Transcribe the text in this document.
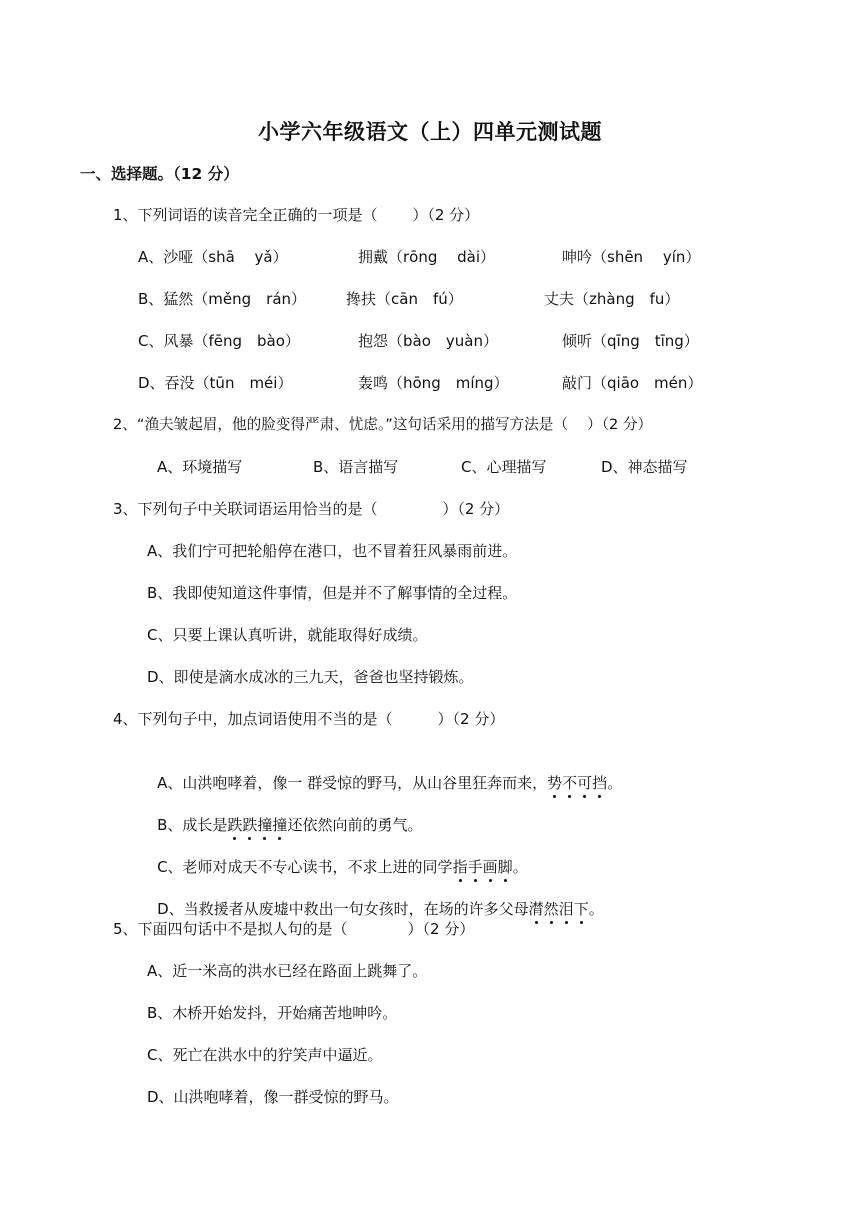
小学六年级语文（上）四单元测试题
一、选择题。（12 分）
1、下列词语的读音完全正确的一项是（　　 ）（2 分）
A、沙哑（shā　 yǎ）	拥戴（rōng　 dài）	呻吟（shēn　 yín）
B、猛然（měng　rán）	搀扶（cān　fú）	丈夫（zhàng　fu）
C、风暴（fēng　bào）	抱怨（bào　yuàn）	倾听（qīng　tīng）
D、吞没（tūn　méi）	轰鸣（hōng　míng）	敲门（qiāo　mén）
2、“渔夫皱起眉，他的脸变得严肃、忧虑。”这句话采用的描写方法是（　 ）（2 分）
A、环境描写	B、语言描写	C、心理描写	D、神态描写
3、下列句子中关联词语运用恰当的是（　　　　 ）（2 分）
A、我们宁可把轮船停在港口，也不冒着狂风暴雨前进。
B、我即使知道这件事情，但是并不了解事情的全过程。
C、只要上课认真听讲，就能取得好成绩。
D、即使是滴水成冰的三九天，爸爸也坚持锻炼。
4、下列句子中，加点词语使用不当的是（　　　）（2 分）

A、山洪咆哮着，像一 群受惊的野马，从山谷里狂奔而来，势不可挡。

B、成长是跌跌撞撞还依然向前的勇气。

C、老师对成天不专心读书，不求上进的同学指手画脚。

D、当救援者从废墟中救出一句女孩时，在场的许多父母潸然泪下。

5、下面四句话中不是拟人句的是（　　　　）（2 分）
A、近一米高的洪水已经在路面上跳舞了。
B、木桥开始发抖，开始痛苦地呻吟。
C、死亡在洪水中的狞笑声中逼近。
D、山洪咆哮着，像一群受惊的野马。
